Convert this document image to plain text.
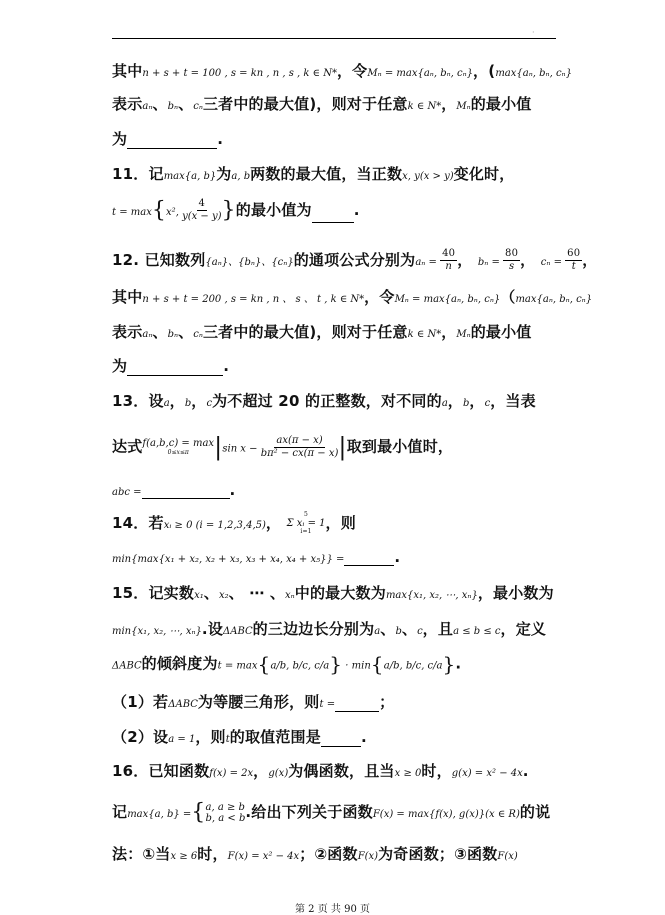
·
其中n + s + t = 100 , s = kn , n , s , k ∈ N*，令Mₙ = max{aₙ, bₙ, cₙ}，(max{aₙ, bₙ, cₙ}
表示aₙ、bₙ、cₙ三者中的最大值)，则对于任意k ∈ N*，Mₙ的最小值
为	.
11．记max{a, b}为a, b两数的最大值，当正数x, y(x > y)变化时，
t = max{x², $\frac{4}{y(x - y)}$ }的最小值为	.
12. 已知数列{aₙ}、{bₙ}、{cₙ}的通项公式分别为$a_n = \frac{40}{n}$ ， $b_n = \frac{80}{s}$ ， $c_n = \frac{60}{t}$ ，
其中n + s + t = 200 , s = kn , n 、 s 、 t , k ∈ N*，令Mₙ = max{aₙ, bₙ, cₙ}（max{aₙ, bₙ, cₙ}
表示aₙ、bₙ、cₙ三者中的最大值)，则对于任意k ∈ N*，Mₙ的最小值
为	.
13．设a，b，c为不超过 20 的正整数，对不同的a，b，c，当表
达式 f(a,b,c) = max
0≤x≤π |sin $x - \frac{ax(\pi - x)}{\text{bπ² − cx(π − x)}}$ |取到最小值时，
abc =	.
14．若xᵢ ≥ 0 (i = 1,2,3,4,5)，	5
Σ xᵢ = 1
i=1 ，则
min{max{x₁ + x₂, x₂ + x₃, x₃ + x₄, x₄ + x₅}} =	.
15．记实数x₁、x₂、 ⋯ 、xₙ中的最大数为max{x₁, x₂, ⋯, xₙ}，最小数为
min{x₁, x₂, ⋯, xₙ}.设ΔABC的三边边长分别为a、b、c，且a ≤ b ≤ c，定义
ΔABC的倾斜度为t = max{a/b, b/c, c/a} · min{a/b, b/c, c/a}.
（1）若ΔABC为等腰三角形，则t =	；
（2）设a = 1，则t的取值范围是	.
16．已知函数f(x) = 2x，g(x)为偶函数，且当x ≥ 0时，g(x) = x² − 4x.
记max{a, b} ={ a, a ≥ b
b, a < b .给出下列关于函数F(x) = max{f(x), g(x)}(x ∈ R)的说
法：①当x ≥ 6时，F(x) = x² − 4x；②函数F(x)为奇函数；③函数F(x)
第 2 页 共 90 页
